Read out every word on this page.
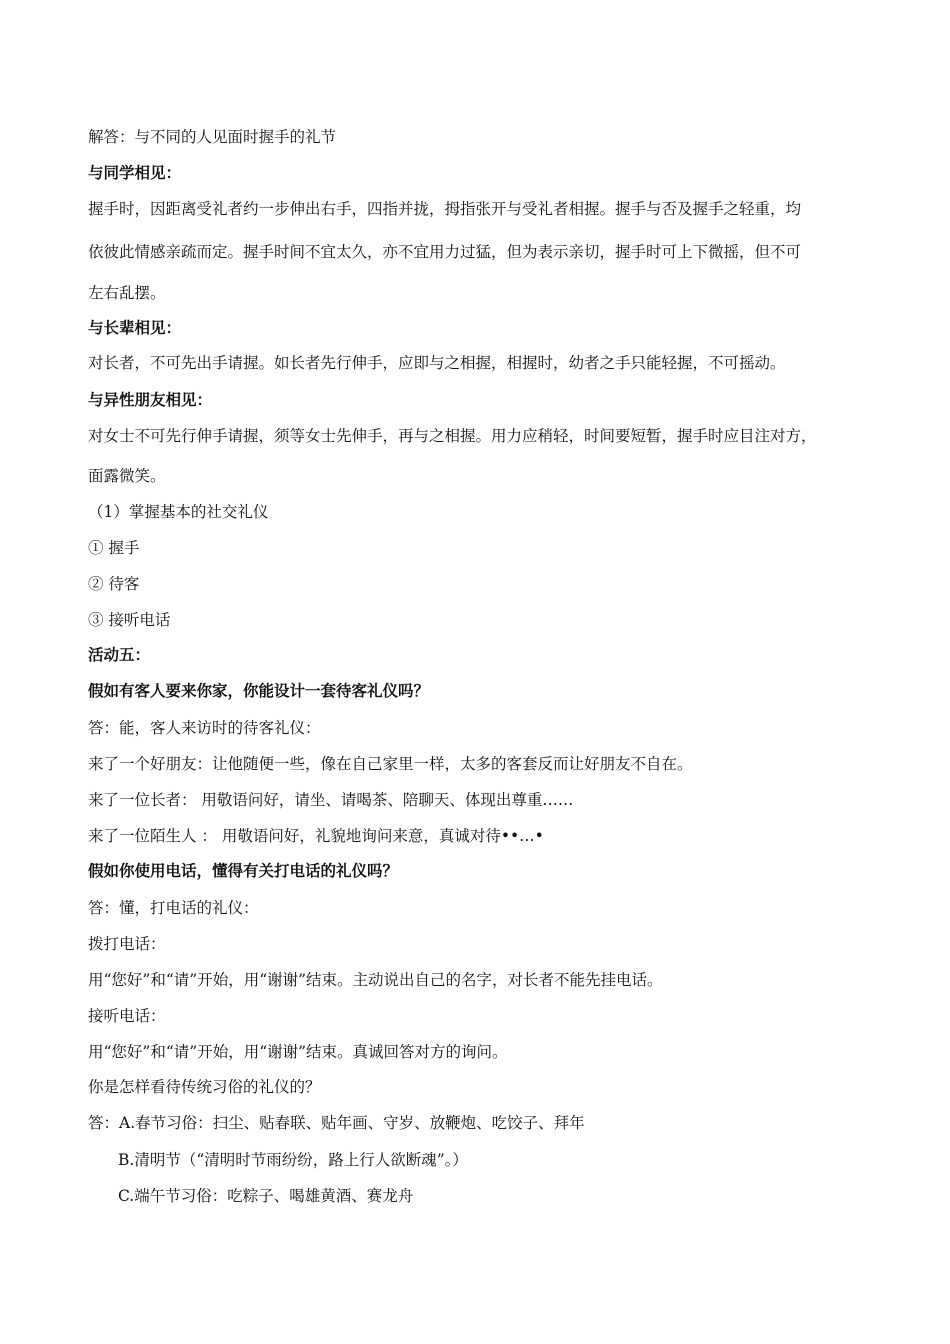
解答：与不同的人见面时握手的礼节
与同学相见：
握手时，因距离受礼者约一步伸出右手，四指并拢，拇指张开与受礼者相握。握手与否及握手之轻重，均
依彼此情感亲疏而定。握手时间不宜太久，亦不宜用力过猛，但为表示亲切，握手时可上下微摇，但不可
左右乱摆。
与长辈相见：
对长者，不可先出手请握。如长者先行伸手，应即与之相握，相握时，幼者之手只能轻握，不可摇动。
与异性朋友相见：
对女士不可先行伸手请握，须等女士先伸手，再与之相握。用力应稍轻，时间要短暂，握手时应目注对方，
面露微笑。
（1）掌握基本的社交礼仪
① 握手
② 待客
③ 接听电话
活动五：
假如有客人要来你家，你能设计一套待客礼仪吗？
答：能，客人来访时的待客礼仪：
来了一个好朋友：让他随便一些，像在自己家里一样，太多的客套反而让好朋友不自在。
来了一位长者： 用敬语问好，请坐、请喝茶、陪聊天、体现出尊重……
来了一位陌生人 ： 用敬语问好，礼貌地询问来意，真诚对待••…•
假如你使用电话，懂得有关打电话的礼仪吗？
答：懂，打电话的礼仪：
拨打电话：
用“您好”和“请”开始，用“谢谢”结束。主动说出自己的名字，对长者不能先挂电话。
接听电话：
用“您好”和“请”开始，用“谢谢”结束。真诚回答对方的询问。
你是怎样看待传统习俗的礼仪的？
答：A.春节习俗：扫尘、贴春联、贴年画、守岁、放鞭炮、吃饺子、拜年
B.清明节（“清明时节雨纷纷，路上行人欲断魂”。）
C.端午节习俗：吃粽子、喝雄黄酒、赛龙舟
